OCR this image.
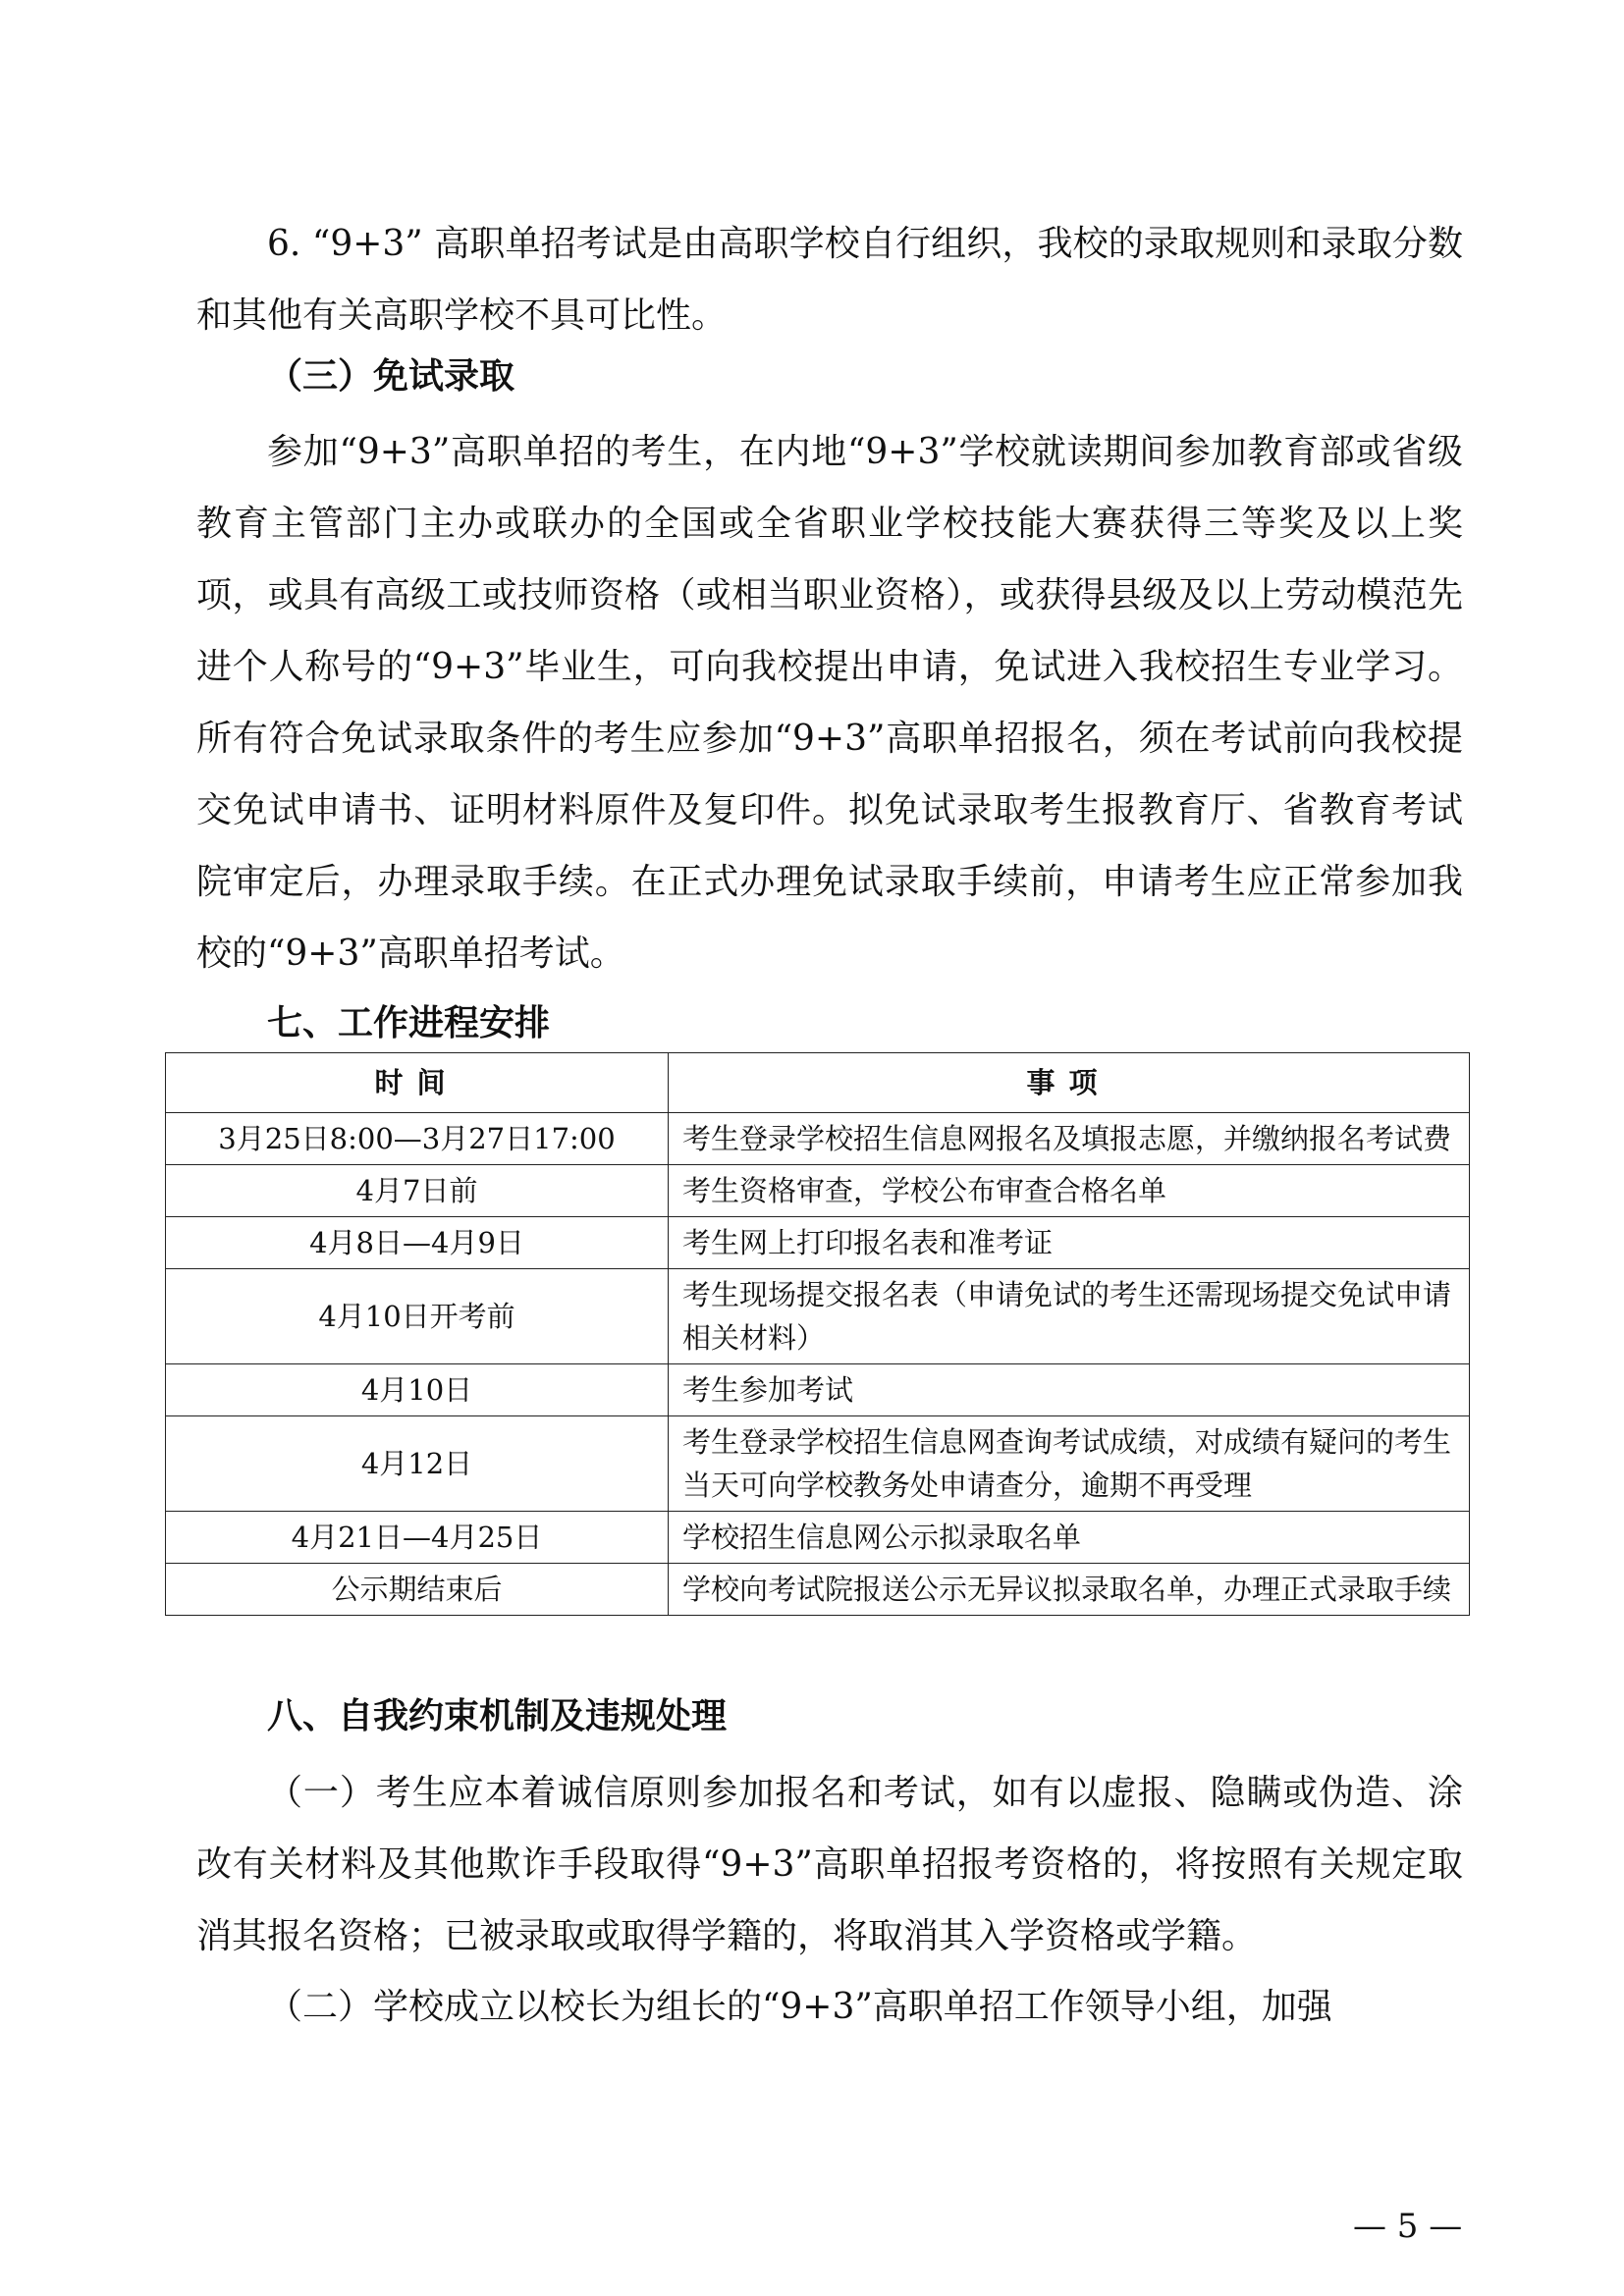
6. “9+3” 高职单招考试是由高职学校自行组织，我校的录取规则和录取分数和其他有关高职学校不具可比性。

（三）免试录取

参加“9+3”高职单招的考生，在内地“9+3”学校就读期间参加教育部或省级教育主管部门主办或联办的全国或全省职业学校技能大赛获得三等奖及以上奖项，或具有高级工或技师资格（或相当职业资格），或获得县级及以上劳动模范先进个人称号的“9+3”毕业生，可向我校提出申请，免试进入我校招生专业学习。所有符合免试录取条件的考生应参加“9+3”高职单招报名，须在考试前向我校提交免试申请书、证明材料原件及复印件。拟免试录取考生报教育厅、省教育考试院审定后，办理录取手续。在正式办理免试录取手续前，申请考生应正常参加我校的“9+3”高职单招考试。

七、工作进程安排
时间	事项
3月25日8:00—3月27日17:00	考生登录学校招生信息网报名及填报志愿，并缴纳报名考试费
4月7日前	考生资格审查，学校公布审查合格名单
4月8日—4月9日	考生网上打印报名表和准考证
4月10日开考前	考生现场提交报名表（申请免试的考生还需现场提交免试申请相关材料）
4月10日	考生参加考试
4月12日	考生登录学校招生信息网查询考试成绩，对成绩有疑问的考生当天可向学校教务处申请查分，逾期不再受理
4月21日—4月25日	学校招生信息网公示拟录取名单
公示期结束后	学校向考试院报送公示无异议拟录取名单，办理正式录取手续
八、自我约束机制及违规处理

（一）考生应本着诚信原则参加报名和考试，如有以虚报、隐瞒或伪造、涂改有关材料及其他欺诈手段取得“9+3”高职单招报考资格的，将按照有关规定取消其报名资格；已被录取或取得学籍的，将取消其入学资格或学籍。

（二）学校成立以校长为组长的“9+3”高职单招工作领导小组，加强

— 5 —
